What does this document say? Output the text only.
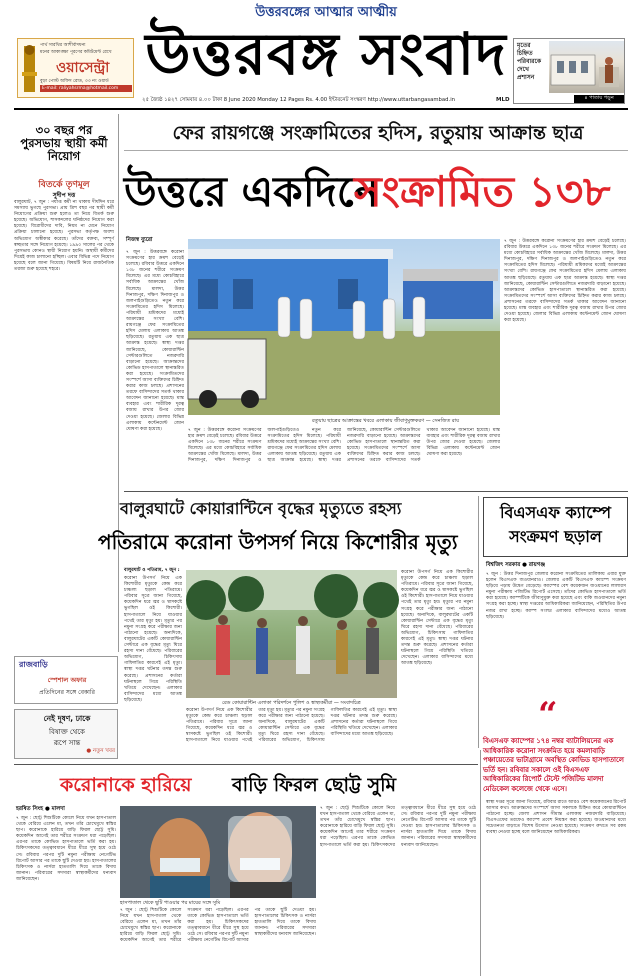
পার্থ সারথির আশীর্বাদধন্য
মনের আকাঙ্ক্ষা পূরণের কমিটমেন্ট রেখে
ওয়াসেন্ট্রা
বুড়া পোস্ট অফিস রোড, ৩৩ নং ওয়ার্ড
E-mail: raliyahsrma@hotmail.com
উত্তরবঙ্গের আত্মার আত্মীয়
উত্তরবঙ্গ সংবাদ	মৃতের চিহ্নিত পরিবারকে দেখে প্রশাসন
৪ পাতায় পড়ুন
২৫ জ্যৈষ্ঠ ১৪২৭ সোমবার ৪.০০ টাকা 8 June 2020 Monday 12 Pages Rs. 4.00 ইন্টারনেট সংস্করণ http://www.uttarbangasambad.in	MLD
৩০ বছর পর পুরসভায় স্থায়ী কর্মী নিয়োগ
বিতর্কে তৃণমূল
সুদীপ দত্ত
বালুরঘাট, ৭ জুন : পর্যাপ্ত কর্মী না থাকায় দীর্ঘদিন ধরে সমস্যায় ভুগছে পুরসভা। প্রায় ত্রিশ বছর পর স্থায়ী কর্মী নিয়োগের প্রক্রিয়া শুরু হলেও তা নিয়ে বিতর্ক শুরু হয়েছে। অভিযোগ, শাসকদলের ঘনিষ্ঠদের নিয়োগ করা হয়েছে। বিরোধীদের দাবি, নিয়ম না মেনে নিয়োগ প্রক্রিয়া চালানো হয়েছে। পুরসভা কর্তৃপক্ষ অবশ্য অভিযোগ অস্বীকার করেছে। তাঁদের বক্তব্য, সম্পূর্ণ স্বচ্ছতার সঙ্গে নিয়োগ হয়েছে। ১৯৯০ সালের পর থেকে পুরসভায় কোনও স্থায়ী নিয়োগ হয়নি। অস্থায়ী কর্মীদের দিয়েই কাজ চালানো হচ্ছিল। এবার বিভিন্ন পদে নিয়োগ হয়েছে বলে জানা গিয়েছে। বিষয়টি নিয়ে রাজনৈতিক তরজা শুরু হয়েছে শহরে।
ফের রায়গঞ্জে সংক্রামিতের হদিস, রতুয়ায় আক্রান্ত ছাত্র
উত্তরে একদিনে
সংক্রামিত ১৩৮
নিজস্ব ব্যুরো
রতুয়ায় ছাত্রের আক্রান্তের খবরে এলাকায় জীবাণুমুক্তকরণ — সেনজিত রায়
৭ জুন : উত্তরবঙ্গে করোনা সংক্রমণের হার ক্রমশ বেড়েই চলেছে। রবিবার উত্তরে একদিনে ১৩৮ জনের শরীরে সংক্রমণ মিলেছে। এর মধ্যে কোচবিহারে সর্বাধিক আক্রান্তের খোঁজ মিলেছে। মালদা, উত্তর দিনাজপুর, দক্ষিণ দিনাজপুর ও জলপাইগুড়িতেও নতুন করে সংক্রামিতের হদিস মিলেছে। পরিযায়ী শ্রমিকদের মধ্যেই আক্রান্তের সংখ্যা বেশি। রায়গঞ্জে ফের সংক্রামিতের হদিস মেলায় এলাকায় আতঙ্ক ছড়িয়েছে। রতুয়ায় এক ছাত্র আক্রান্ত হয়েছে। স্বাস্থ্য দপ্তর জানিয়েছে, কোয়ারান্টিন সেন্টারগুলিতে নজরদারি বাড়ানো হয়েছে। আক্রান্তদের কোভিড হাসপাতালে স্থানান্তরিত করা হয়েছে। সংক্রামিতদের সংস্পর্শে আসা ব্যক্তিদের চিহ্নিত করার কাজ চলছে। প্রশাসনের তরফে বাসিন্দাদের সতর্ক থাকার আবেদন জানানো হয়েছে। মাস্ক ব্যবহার এবং শারীরিক দূরত্ব বজায় রাখার উপর জোর দেওয়া হয়েছে। জেলার বিভিন্ন এলাকায় কন্টেনমেন্ট জোন ঘোষণা করা হয়েছে।	৭ জুন : উত্তরবঙ্গে করোনা সংক্রমণের হার ক্রমশ বেড়েই চলেছে। রবিবার উত্তরে একদিনে ১৩৮ জনের শরীরে সংক্রমণ মিলেছে। এর মধ্যে কোচবিহারে সর্বাধিক আক্রান্তের খোঁজ মিলেছে। মালদা, উত্তর দিনাজপুর, দক্ষিণ দিনাজপুর ও জলপাইগুড়িতেও নতুন করে সংক্রামিতের হদিস মিলেছে। পরিযায়ী শ্রমিকদের মধ্যেই আক্রান্তের সংখ্যা বেশি। রায়গঞ্জে ফের সংক্রামিতের হদিস মেলায় এলাকায় আতঙ্ক ছড়িয়েছে। রতুয়ায় এক ছাত্র আক্রান্ত হয়েছে। স্বাস্থ্য দপ্তর জানিয়েছে, কোয়ারান্টিন সেন্টারগুলিতে নজরদারি বাড়ানো হয়েছে। আক্রান্তদের কোভিড হাসপাতালে স্থানান্তরিত করা হয়েছে। সংক্রামিতদের সংস্পর্শে আসা ব্যক্তিদের চিহ্নিত করার কাজ চলছে। প্রশাসনের তরফে বাসিন্দাদের সতর্ক থাকার আবেদন জানানো হয়েছে। মাস্ক ব্যবহার এবং শারীরিক দূরত্ব বজায় রাখার উপর জোর দেওয়া হয়েছে। জেলার বিভিন্ন এলাকায় কন্টেনমেন্ট জোন ঘোষণা করা হয়েছে।
৭ জুন : উত্তরবঙ্গে করোনা সংক্রমণের হার ক্রমশ বেড়েই চলেছে। রবিবার উত্তরে একদিনে ১৩৮ জনের শরীরে সংক্রমণ মিলেছে। এর মধ্যে কোচবিহারে সর্বাধিক আক্রান্তের খোঁজ মিলেছে। মালদা, উত্তর দিনাজপুর, দক্ষিণ দিনাজপুর ও জলপাইগুড়িতেও নতুন করে সংক্রামিতের হদিস মিলেছে। পরিযায়ী শ্রমিকদের মধ্যেই আক্রান্তের সংখ্যা বেশি। রায়গঞ্জে ফের সংক্রামিতের হদিস মেলায় এলাকায় আতঙ্ক ছড়িয়েছে। রতুয়ায় এক ছাত্র আক্রান্ত হয়েছে। স্বাস্থ্য দপ্তর জানিয়েছে, কোয়ারান্টিন সেন্টারগুলিতে নজরদারি বাড়ানো হয়েছে। আক্রান্তদের কোভিড হাসপাতালে স্থানান্তরিত করা হয়েছে। সংক্রামিতদের সংস্পর্শে আসা ব্যক্তিদের চিহ্নিত করার কাজ চলছে। প্রশাসনের তরফে বাসিন্দাদের সতর্ক থাকার আবেদন জানানো হয়েছে। মাস্ক ব্যবহার এবং শারীরিক দূরত্ব বজায় রাখার উপর জোর দেওয়া হয়েছে। জেলার বিভিন্ন এলাকায় কন্টেনমেন্ট জোন ঘোষণা করা হয়েছে।
বালুরঘাটে কোয়ারান্টিনে বৃদ্ধের মৃত্যুতে রহস্য
পতিরামে করোনা উপসর্গ নিয়ে কিশোরীর মৃত্যু
বালুরঘাট ও পতিরাম, ৭ জুন :
করোনা উপসর্গ নিয়ে এক কিশোরীর মৃত্যুকে কেন্দ্র করে চাঞ্চল্য ছড়াল পতিরামে। পরিবার সূত্রে জানা গিয়েছে, কয়েকদিন ধরে জ্বর ও শ্বাসকষ্টে ভুগছিল ওই কিশোরী। হাসপাতালে নিয়ে যাওয়ার পথেই তার মৃত্যু হয়। মৃত্যুর পর নমুনা সংগ্রহ করে পরীক্ষার জন্য পাঠানো হয়েছে। অন্যদিকে, বালুরঘাটের একটি কোয়ারান্টিন সেন্টারে এক বৃদ্ধের মৃত্যু ঘিরে রহস্য দানা বেঁধেছে। পরিবারের অভিযোগ, চিকিৎসায় গাফিলতির কারণেই এই মৃত্যু। স্বাস্থ্য দপ্তর ঘটনার তদন্ত শুরু করেছে। প্রশাসনের কর্তারা ঘটনাস্থলে গিয়ে পরিস্থিতি খতিয়ে দেখেছেন। এলাকার বাসিন্দাদের মধ্যে আতঙ্ক ছড়িয়েছে।	রেড কোয়ারান্টিন এলাকা পরিদর্শনে পুলিশ ও স্বাস্থ্যকর্মীরা — সংবাদচিত্র
করোনা উপসর্গ নিয়ে এক কিশোরীর মৃত্যুকে কেন্দ্র করে চাঞ্চল্য ছড়াল পতিরামে। পরিবার সূত্রে জানা গিয়েছে, কয়েকদিন ধরে জ্বর ও শ্বাসকষ্টে ভুগছিল ওই কিশোরী। হাসপাতালে নিয়ে যাওয়ার পথেই তার মৃত্যু হয়। মৃত্যুর পর নমুনা সংগ্রহ করে পরীক্ষার জন্য পাঠানো হয়েছে। অন্যদিকে, বালুরঘাটের একটি কোয়ারান্টিন সেন্টারে এক বৃদ্ধের মৃত্যু ঘিরে রহস্য দানা বেঁধেছে। পরিবারের অভিযোগ, চিকিৎসায় গাফিলতির কারণেই এই মৃত্যু। স্বাস্থ্য দপ্তর ঘটনার তদন্ত শুরু করেছে। প্রশাসনের কর্তারা ঘটনাস্থলে গিয়ে পরিস্থিতি খতিয়ে দেখেছেন। এলাকার বাসিন্দাদের মধ্যে আতঙ্ক ছড়িয়েছে।
করোনা উপসর্গ নিয়ে এক কিশোরীর মৃত্যুকে কেন্দ্র করে চাঞ্চল্য ছড়াল পতিরামে। পরিবার সূত্রে জানা গিয়েছে, কয়েকদিন ধরে জ্বর ও শ্বাসকষ্টে ভুগছিল ওই কিশোরী। হাসপাতালে নিয়ে যাওয়ার পথেই তার মৃত্যু হয়। মৃত্যুর পর নমুনা সংগ্রহ করে পরীক্ষার জন্য পাঠানো হয়েছে। অন্যদিকে, বালুরঘাটের একটি কোয়ারান্টিন সেন্টারে এক বৃদ্ধের মৃত্যু ঘিরে রহস্য দানা বেঁধেছে। পরিবারের অভিযোগ, চিকিৎসায় গাফিলতির কারণেই এই মৃত্যু। স্বাস্থ্য দপ্তর ঘটনার তদন্ত শুরু করেছে। প্রশাসনের কর্তারা ঘটনাস্থলে গিয়ে পরিস্থিতি খতিয়ে দেখেছেন। এলাকার বাসিন্দাদের মধ্যে আতঙ্ক ছড়িয়েছে।
রাজবাড়ি
স্পেশাল অফার
প্রতিদিনের সঙ্গে বেকারি
নেই দূষণ, ঢাকে
বিষাক্ত থেকে
রূপে সান্ত
● নতুন খবর
বিএসএফ ক্যাম্পে সংক্রমণ ছড়াল
বিশ্বজিৎ সরকার ● রায়গঞ্জ
৭ জুন : উত্তর দিনাজপুর জেলার করোনা সংক্রমিতের তালিকায় এবার যুক্ত হলেন বিএসএফ জওয়ানরাও। জেলার একটি বিএসএফ ক্যাম্পে সংক্রমণ ছড়িয়ে পড়ায় উদ্বেগ বেড়েছে। ক্যাম্পের বেশ কয়েকজন জওয়ানের লালারস নমুনা পরীক্ষায় পজিটিভ রিপোর্ট এসেছে। তাঁদের কোভিড হাসপাতালে ভর্তি করা হয়েছে। ক্যাম্পটিকে জীবাণুমুক্ত করা হয়েছে এবং বাকি জওয়ানদের নমুনা সংগ্রহ করা হচ্ছে। স্বাস্থ্য দপ্তরের আধিকারিকরা জানিয়েছেন, পরিস্থিতির উপর নজর রাখা হচ্ছে। ক্যাম্প সংলগ্ন এলাকার বাসিন্দাদের মধ্যেও আতঙ্ক ছড়িয়েছে।
“
বিএসএফ ক্যাম্পের ১৭৪ নম্বর ব্যাটালিয়নের এক আধিকারিক করোনা সংক্রমিত হয়ে কমলাবাড়ি পঞ্চায়েতের ভাটাগ্রামে অবস্থিত কোভিড হাসপাতালে ভর্তি হন। রবিবার সকালে ওই বিএসএফ আধিকারিকের রিপোর্ট টেস্টে পজিটিভ মালদা মেডিকেল কলেজে থেকে এসে।
স্বাস্থ্য দপ্তর সূত্রে জানা গিয়েছে, রবিবার রাতে আরও বেশ কয়েকজনের রিপোর্ট আসার কথা। আক্রান্তদের সংস্পর্শে আসা সকলকে চিহ্নিত করে কোয়ারান্টিনে পাঠানো হচ্ছে। জেলা প্রশাসন সীমান্ত এলাকায় নজরদারি বাড়িয়েছে। বিএসএফের তরফেও ক্যাম্পে প্রবেশ নিয়ন্ত্রণ করা হয়েছে। জওয়ানদের মধ্যে সচেতনতা বাড়াতে বিশেষ উদ্যোগ নেওয়া হয়েছে। সংক্রমণ রুখতে সব রকম ব্যবস্থা নেওয়া হচ্ছে বলে জানিয়েছেন আধিকারিকরা।
করোনাকে হারিয়ে	বাড়ি ফিরল ছোট্ট সুমি
হরষিত সিংহ ● মালদা
৭ জুন : ছোট্ট শিশুটিকে কোলে নিয়ে যখন হাসপাতাল থেকে বেরিয়ে এলেন মা, তখন তাঁর চোখেমুখে স্বস্তির ছাপ। করোনাকে হারিয়ে বাড়ি ফিরল ছোট্ট সুমি। কয়েকদিন আগেই তার শরীরে সংক্রমণ ধরা পড়েছিল। এরপর তাকে কোভিড হাসপাতালে ভর্তি করা হয়। চিকিৎসকদের তত্ত্বাবধানে ধীরে ধীরে সুস্থ হয়ে ওঠে সে। রবিবার পরপর দুটি নমুনা পরীক্ষায় নেগেটিভ রিপোর্ট আসার পর তাকে ছুটি দেওয়া হয়। হাসপাতালের চিকিৎসক ও নার্সরা হাততালি দিয়ে তাকে বিদায় জানান। পরিবারের সদস্যরা স্বাস্থ্যকর্মীদের ধন্যবাদ জানিয়েছেন।
হাসপাতাল থেকে ছুটি পাওয়ার পর মায়ের সঙ্গে সুমি
৭ জুন : ছোট্ট শিশুটিকে কোলে নিয়ে যখন হাসপাতাল থেকে বেরিয়ে এলেন মা, তখন তাঁর চোখেমুখে স্বস্তির ছাপ। করোনাকে হারিয়ে বাড়ি ফিরল ছোট্ট সুমি। কয়েকদিন আগেই তার শরীরে সংক্রমণ ধরা পড়েছিল। এরপর তাকে কোভিড হাসপাতালে ভর্তি করা হয়। চিকিৎসকদের তত্ত্বাবধানে ধীরে ধীরে সুস্থ হয়ে ওঠে সে। রবিবার পরপর দুটি নমুনা পরীক্ষায় নেগেটিভ রিপোর্ট আসার পর তাকে ছুটি দেওয়া হয়। হাসপাতালের চিকিৎসক ও নার্সরা হাততালি দিয়ে তাকে বিদায় জানান। পরিবারের সদস্যরা স্বাস্থ্যকর্মীদের ধন্যবাদ জানিয়েছেন।
৭ জুন : ছোট্ট শিশুটিকে কোলে নিয়ে যখন হাসপাতাল থেকে বেরিয়ে এলেন মা, তখন তাঁর চোখেমুখে স্বস্তির ছাপ। করোনাকে হারিয়ে বাড়ি ফিরল ছোট্ট সুমি। কয়েকদিন আগেই তার শরীরে সংক্রমণ ধরা পড়েছিল। এরপর তাকে কোভিড হাসপাতালে ভর্তি করা হয়। চিকিৎসকদের তত্ত্বাবধানে ধীরে ধীরে সুস্থ হয়ে ওঠে সে। রবিবার পরপর দুটি নমুনা পরীক্ষায় নেগেটিভ রিপোর্ট আসার পর তাকে ছুটি দেওয়া হয়। হাসপাতালের চিকিৎসক ও নার্সরা হাততালি দিয়ে তাকে বিদায় জানান। পরিবারের সদস্যরা স্বাস্থ্যকর্মীদের ধন্যবাদ জানিয়েছেন।
